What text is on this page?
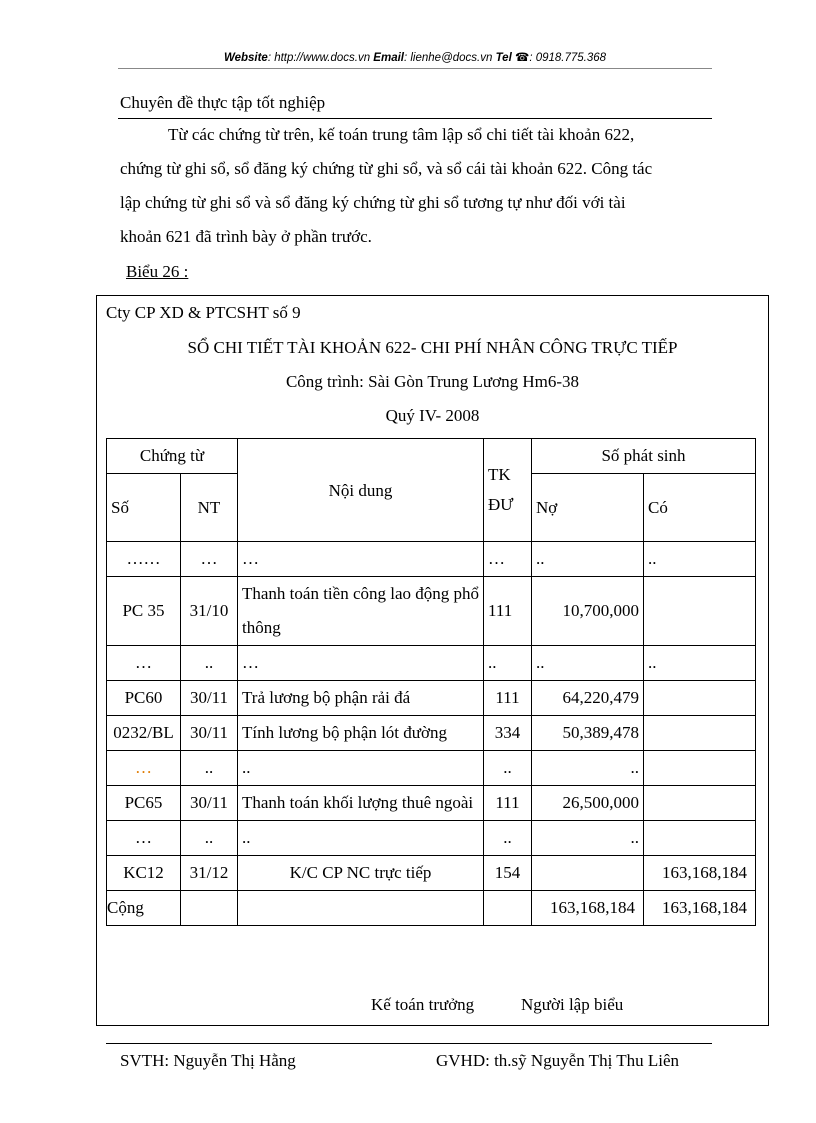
Website: http://www.docs.vn Email: lienhe@docs.vn Tel ☎: 0918.775.368
Chuyên đề thực tập tốt nghiệp
Từ các chứng từ trên, kế toán trung tâm lập sổ chi tiết tài khoản 622,
chứng từ ghi sổ, sổ đăng ký chứng từ ghi sổ, và sổ cái tài khoản 622. Công tác
lập chứng từ ghi sổ và sổ đăng ký chứng từ ghi sổ tương tự như đối với tài
khoản 621 đã trình bày ở phần trước.
Biểu 26 :
Cty CP XD & PTCSHT số 9
SỔ CHI TIẾT TÀI KHOẢN 622- CHI PHÍ NHÂN CÔNG TRỰC TIẾP
Công trình: Sài Gòn Trung Lương Hm6-38
Quý IV- 2008
Chứng từ		Nội dung	TK ĐƯ	Số phát sinh	
Số	NT			Nợ	Có
……	…	…	…	..	..
PC 35	31/10	Thanh toán tiền công lao động phổ thông	111	10,700,000	
…	..	…	..	..	..
PC60	30/11	Trả lương bộ phận rải đá	111	64,220,479	
0232/BL	30/11	Tính lương bộ phận lót đường	334	50,389,478	
…	..	..	..	..	
PC65	30/11	Thanh toán khối lượng thuê ngoài	111	26,500,000	
…	..	..	..	..	
KC12	31/12	K/C CP NC trực tiếp	154		163,168,184
Cộng				163,168,184	163,168,184
Kế toán trưởng	Người lập biểu
SVTH: Nguyễn Thị Hằng	GVHD: th.sỹ Nguyễn Thị Thu Liên
